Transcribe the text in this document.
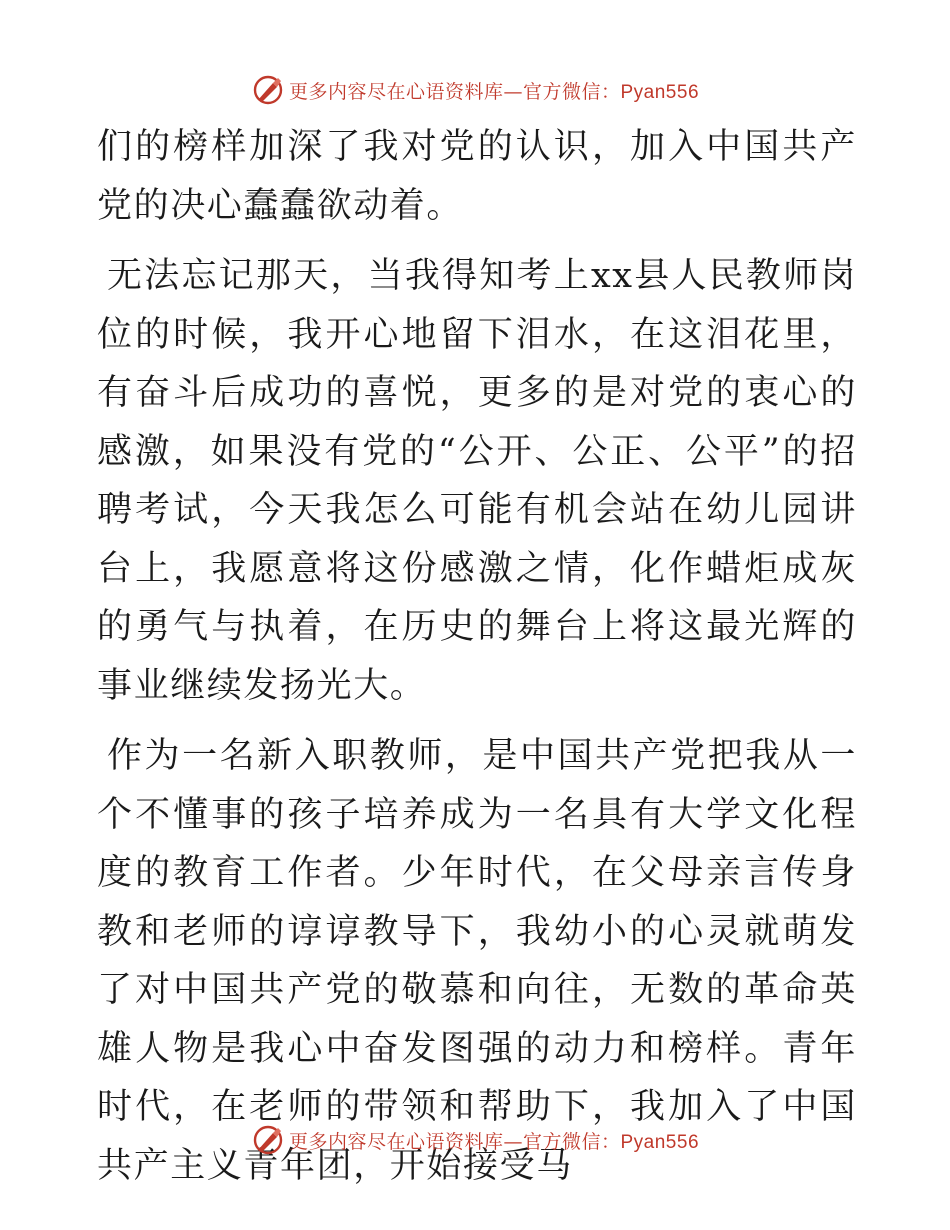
更多内容尽在心语资料库—官方微信：Pyan556

们的榜样加深了我对党的认识，加入中国共产党的决心蠢蠢欲动着。

无法忘记那天，当我得知考上xx县人民教师岗位的时候，我开心地留下泪水，在这泪花里，有奋斗后成功的喜悦，更多的是对党的衷心的感激，如果没有党的“公开、公正、公平”的招聘考试，今天我怎么可能有机会站在幼儿园讲台上，我愿意将这份感激之情，化作蜡炬成灰的勇气与执着，在历史的舞台上将这最光辉的事业继续发扬光大。

作为一名新入职教师，是中国共产党把我从一个不懂事的孩子培养成为一名具有大学文化程度的教育工作者。少年时代，在父母亲言传身教和老师的谆谆教导下，我幼小的心灵就萌发了对中国共产党的敬慕和向往，无数的革命英雄人物是我心中奋发图强的动力和榜样。青年时代，在老师的带领和帮助下，我加入了中国共产主义青年团，开始接受马

更多内容尽在心语资料库—官方微信：Pyan556
